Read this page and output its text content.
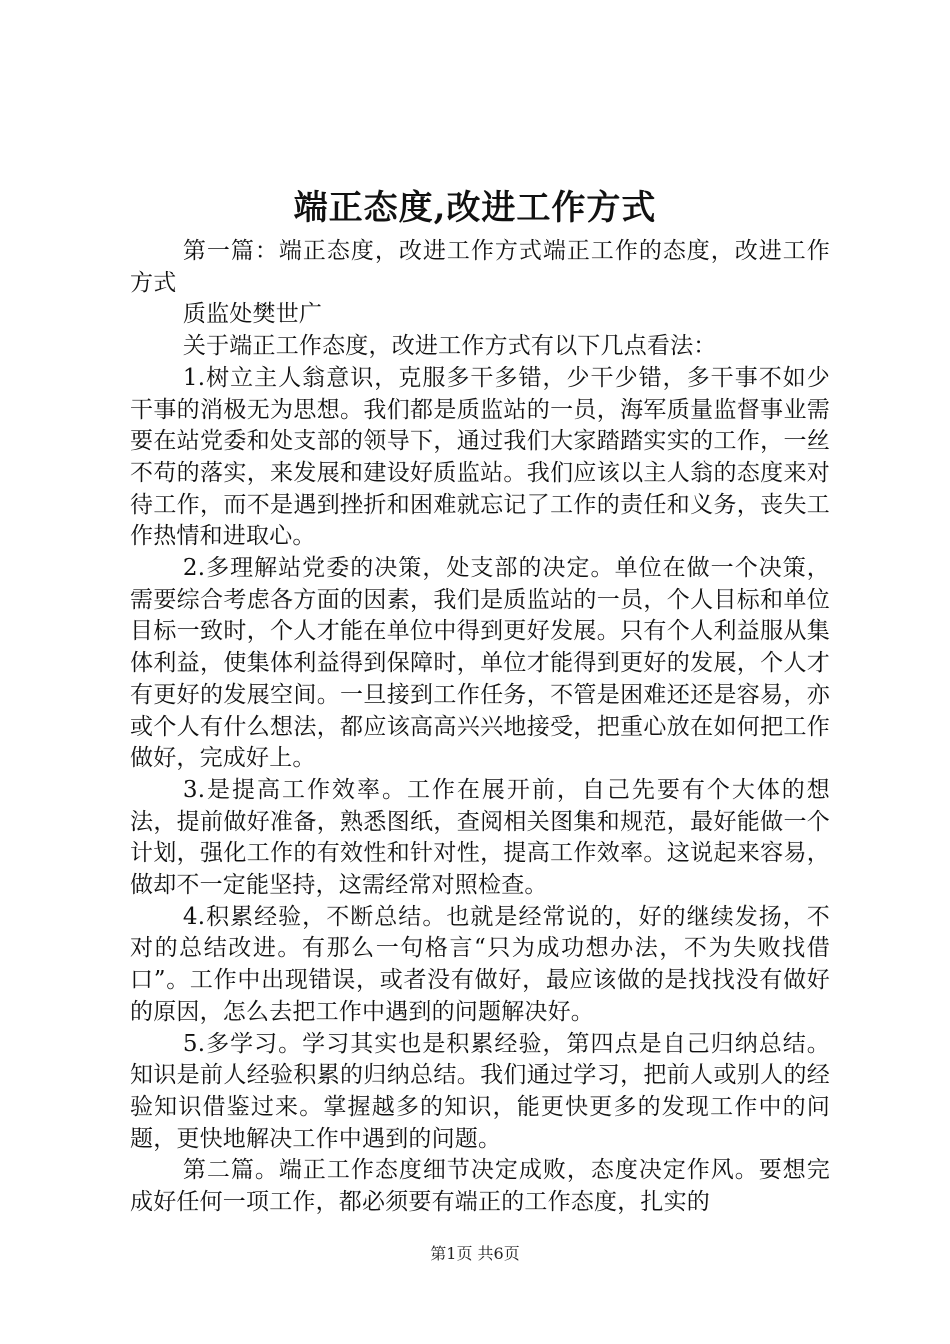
端正态度,改进工作方式

第一篇：端正态度，改进工作方式端正工作的态度，改进工作方式

质监处樊世广

关于端正工作态度，改进工作方式有以下几点看法：

1.树立主人翁意识，克服多干多错，少干少错，多干事不如少干事的消极无为思想。我们都是质监站的一员，海军质量监督事业需要在站党委和处支部的领导下，通过我们大家踏踏实实的工作，一丝不苟的落实，来发展和建设好质监站。我们应该以主人翁的态度来对待工作，而不是遇到挫折和困难就忘记了工作的责任和义务，丧失工作热情和进取心。

2.多理解站党委的决策，处支部的决定。单位在做一个决策，需要综合考虑各方面的因素，我们是质监站的一员，个人目标和单位目标一致时，个人才能在单位中得到更好发展。只有个人利益服从集体利益，使集体利益得到保障时，单位才能得到更好的发展，个人才有更好的发展空间。一旦接到工作任务，不管是困难还还是容易，亦或个人有什么想法，都应该高高兴兴地接受，把重心放在如何把工作做好，完成好上。

3.是提高工作效率。工作在展开前，自己先要有个大体的想法，提前做好准备，熟悉图纸，查阅相关图集和规范，最好能做一个计划，强化工作的有效性和针对性，提高工作效率。这说起来容易，做却不一定能坚持，这需经常对照检查。

4.积累经验，不断总结。也就是经常说的，好的继续发扬，不对的总结改进。有那么一句格言“只为成功想办法，不为失败找借口”。工作中出现错误，或者没有做好，最应该做的是找找没有做好的原因，怎么去把工作中遇到的问题解决好。

5.多学习。学习其实也是积累经验，第四点是自己归纳总结。知识是前人经验积累的归纳总结。我们通过学习，把前人或别人的经验知识借鉴过来。掌握越多的知识，能更快更多的发现工作中的问题，更快地解决工作中遇到的问题。

第二篇。端正工作态度细节决定成败，态度决定作风。要想完成好任何一项工作，都必须要有端正的工作态度，扎实的

第1页 共6页
